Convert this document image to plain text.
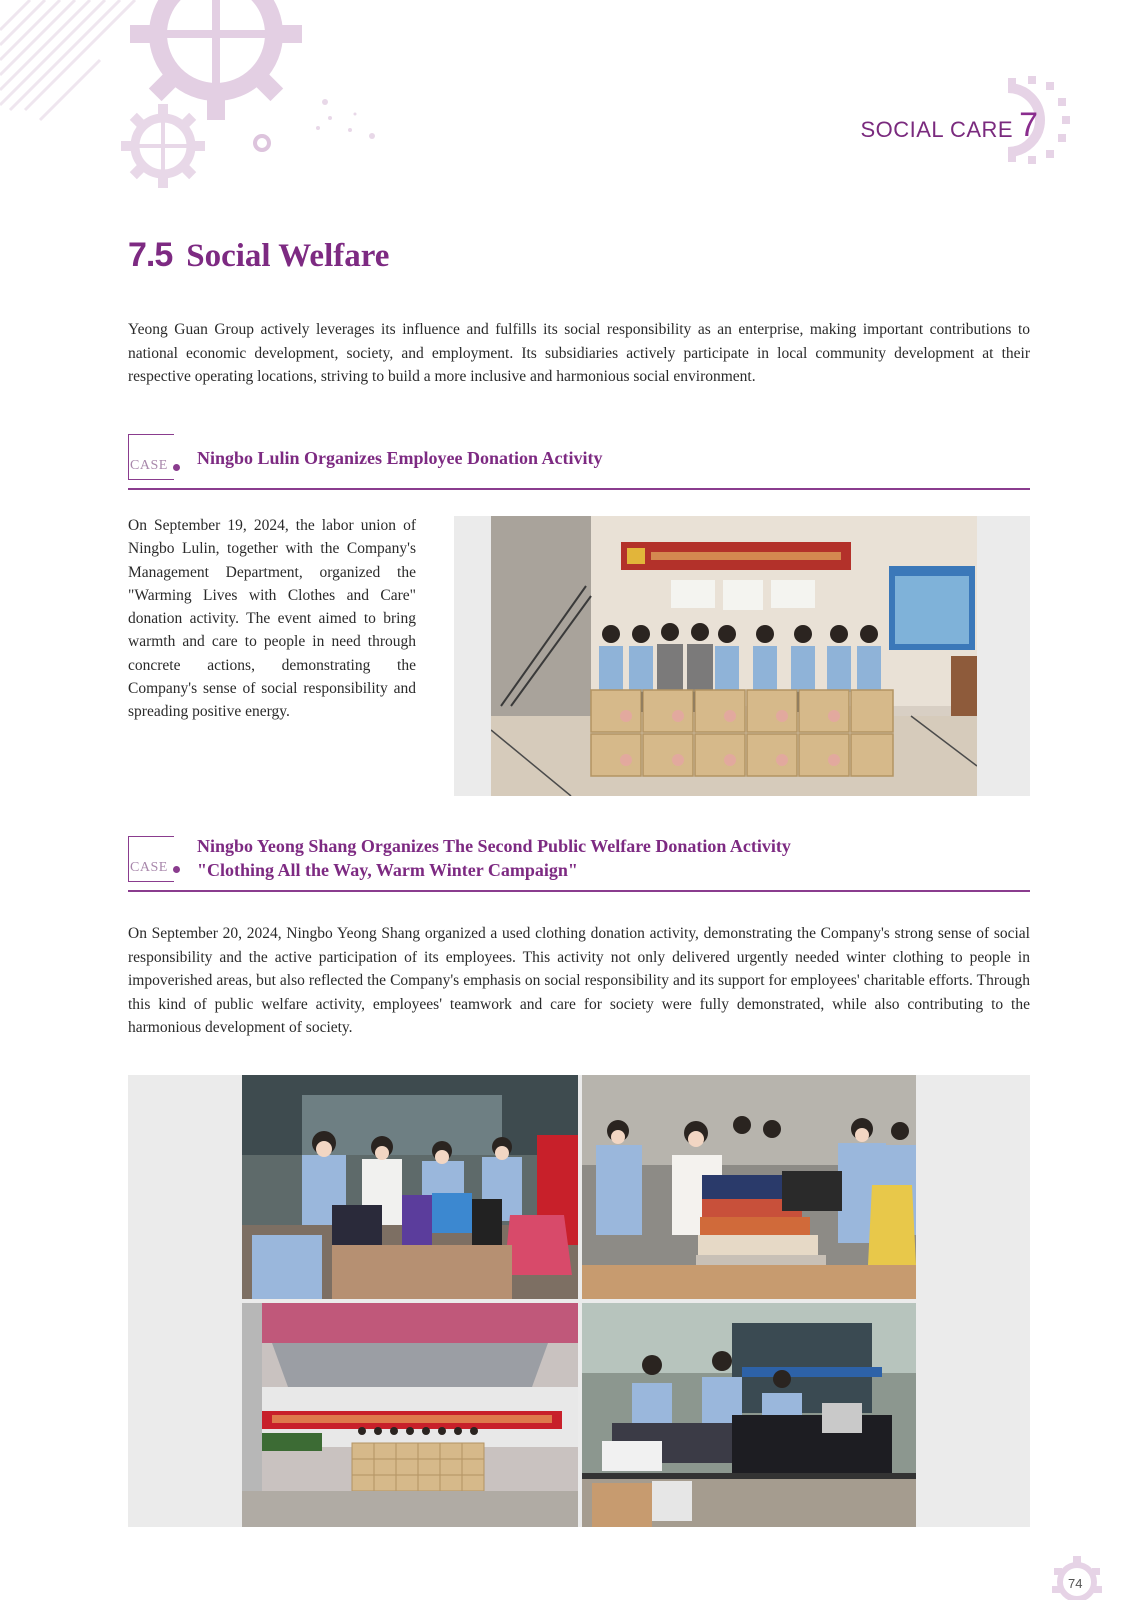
SOCIAL CARE 7
7.5 Social Welfare
Yeong Guan Group actively leverages its influence and fulfills its social responsibility as an enterprise, making important contributions to national economic development, society, and employment. Its subsidiaries actively participate in local community development at their respective operating locations, striving to build a more inclusive and harmonious social environment.
CASE Ningbo Lulin Organizes Employee Donation Activity
On September 19, 2024, the labor union of Ningbo Lulin, together with the Company's Management Department, organized the "Warming Lives with Clothes and Care" donation activity. The event aimed to bring warmth and care to people in need through concrete actions, demonstrating the Company's sense of social responsibility and spreading positive energy.
CASE
Ningbo Yeong Shang Organizes The Second Public Welfare Donation Activity
"Clothing All the Way, Warm Winter Campaign"
On September 20, 2024, Ningbo Yeong Shang organized a used clothing donation activity, demonstrating the Company's strong sense of social responsibility and the active participation of its employees. This activity not only delivered urgently needed winter clothing to people in impoverished areas, but also reflected the Company's emphasis on social responsibility and its support for employees' charitable efforts. Through this kind of public welfare activity, employees' teamwork and care for society were fully demonstrated, while also contributing to the harmonious development of society.
74
